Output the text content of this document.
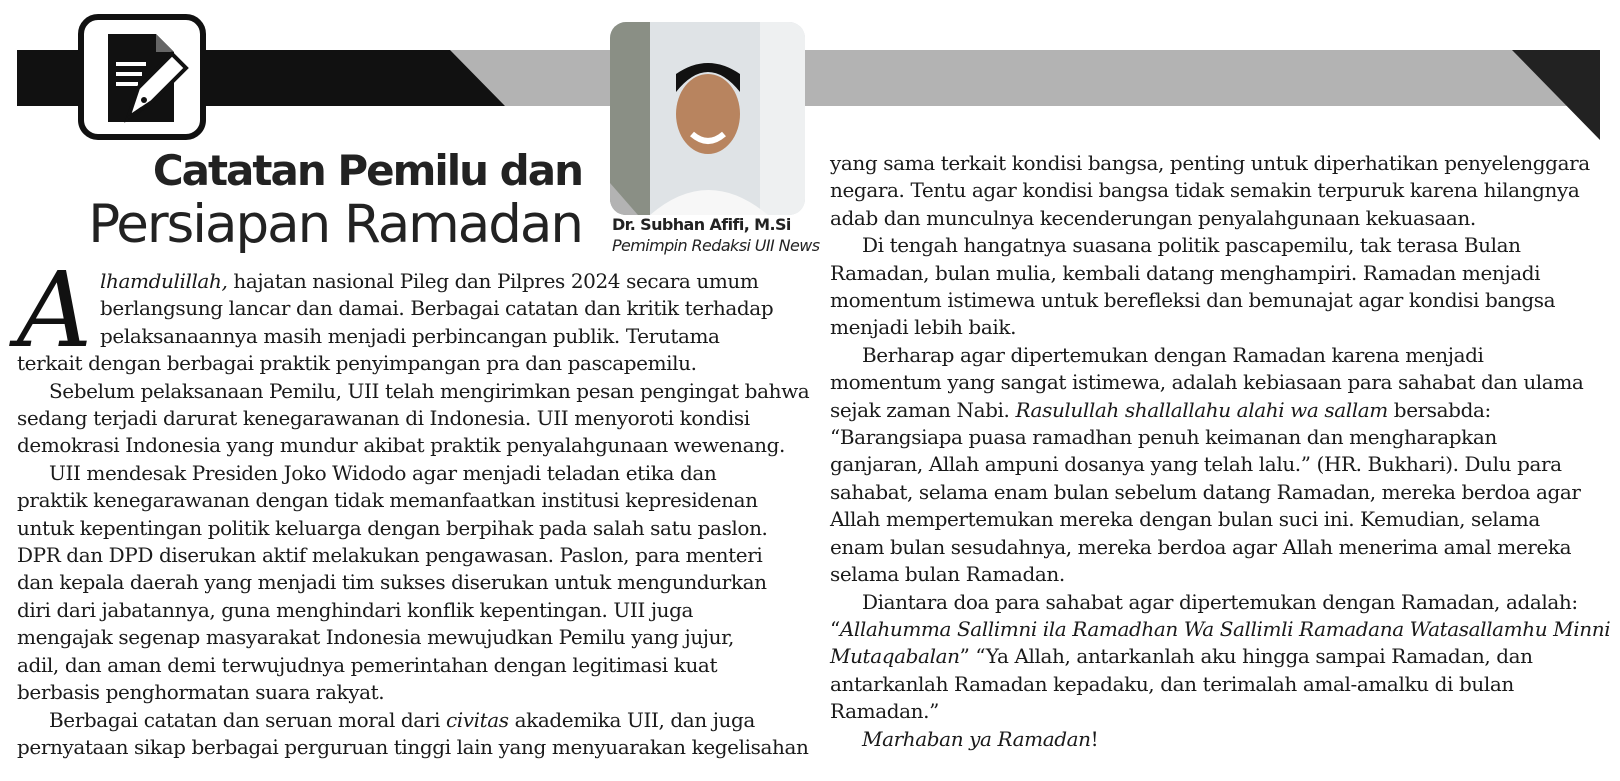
Catatan Pemilu dan
Persiapan Ramadan Dr. Subhan Afifi, M.Si
Pemimpin Redaksi UII News
A lhamdulillah, hajatan nasional Pileg dan Pilpres 2024 secara umum

berlangsung lancar dan damai. Berbagai catatan dan kritik terhadap

pelaksanaannya masih menjadi perbincangan publik. Terutama

terkait dengan berbagai praktik penyimpangan pra dan pascapemilu.

Sebelum pelaksanaan Pemilu, UII telah mengirimkan pesan pengingat bahwa

sedang terjadi darurat kenegarawanan di Indonesia. UII menyoroti kondisi

demokrasi Indonesia yang mundur akibat praktik penyalahgunaan wewenang.

UII mendesak Presiden Joko Widodo agar menjadi teladan etika dan

praktik kenegarawanan dengan tidak memanfaatkan institusi kepresidenan

untuk kepentingan politik keluarga dengan berpihak pada salah satu paslon.

DPR dan DPD diserukan aktif melakukan pengawasan. Paslon, para menteri

dan kepala daerah yang menjadi tim sukses diserukan untuk mengundurkan

diri dari jabatannya, guna menghindari konflik kepentingan. UII juga

mengajak segenap masyarakat Indonesia mewujudkan Pemilu yang jujur,

adil, dan aman demi terwujudnya pemerintahan dengan legitimasi kuat

berbasis penghormatan suara rakyat.

Berbagai catatan dan seruan moral dari civitas akademika UII, dan juga

pernyataan sikap berbagai perguruan tinggi lain yang menyuarakan kegelisahan

yang sama terkait kondisi bangsa, penting untuk diperhatikan penyelenggara

negara. Tentu agar kondisi bangsa tidak semakin terpuruk karena hilangnya

adab dan munculnya kecenderungan penyalahgunaan kekuasaan.

Di tengah hangatnya suasana politik pascapemilu, tak terasa Bulan

Ramadan, bulan mulia, kembali datang menghampiri. Ramadan menjadi

momentum istimewa untuk berefleksi dan bemunajat agar kondisi bangsa

menjadi lebih baik.

Berharap agar dipertemukan dengan Ramadan karena menjadi

momentum yang sangat istimewa, adalah kebiasaan para sahabat dan ulama

sejak zaman Nabi. Rasulullah shallallahu alahi wa sallam bersabda:

“Barangsiapa puasa ramadhan penuh keimanan dan mengharapkan

ganjaran, Allah ampuni dosanya yang telah lalu.” (HR. Bukhari). Dulu para

sahabat, selama enam bulan sebelum datang Ramadan, mereka berdoa agar

Allah mempertemukan mereka dengan bulan suci ini. Kemudian, selama

enam bulan sesudahnya, mereka berdoa agar Allah menerima amal mereka

selama bulan Ramadan.

Diantara doa para sahabat agar dipertemukan dengan Ramadan, adalah:

“Allahumma Sallimni ila Ramadhan Wa Sallimli Ramadana Watasallamhu Minni

Mutaqabalan” “Ya Allah, antarkanlah aku hingga sampai Ramadan, dan

antarkanlah Ramadan kepadaku, dan terimalah amal-amalku di bulan

Ramadan.”

Marhaban ya Ramadan!
